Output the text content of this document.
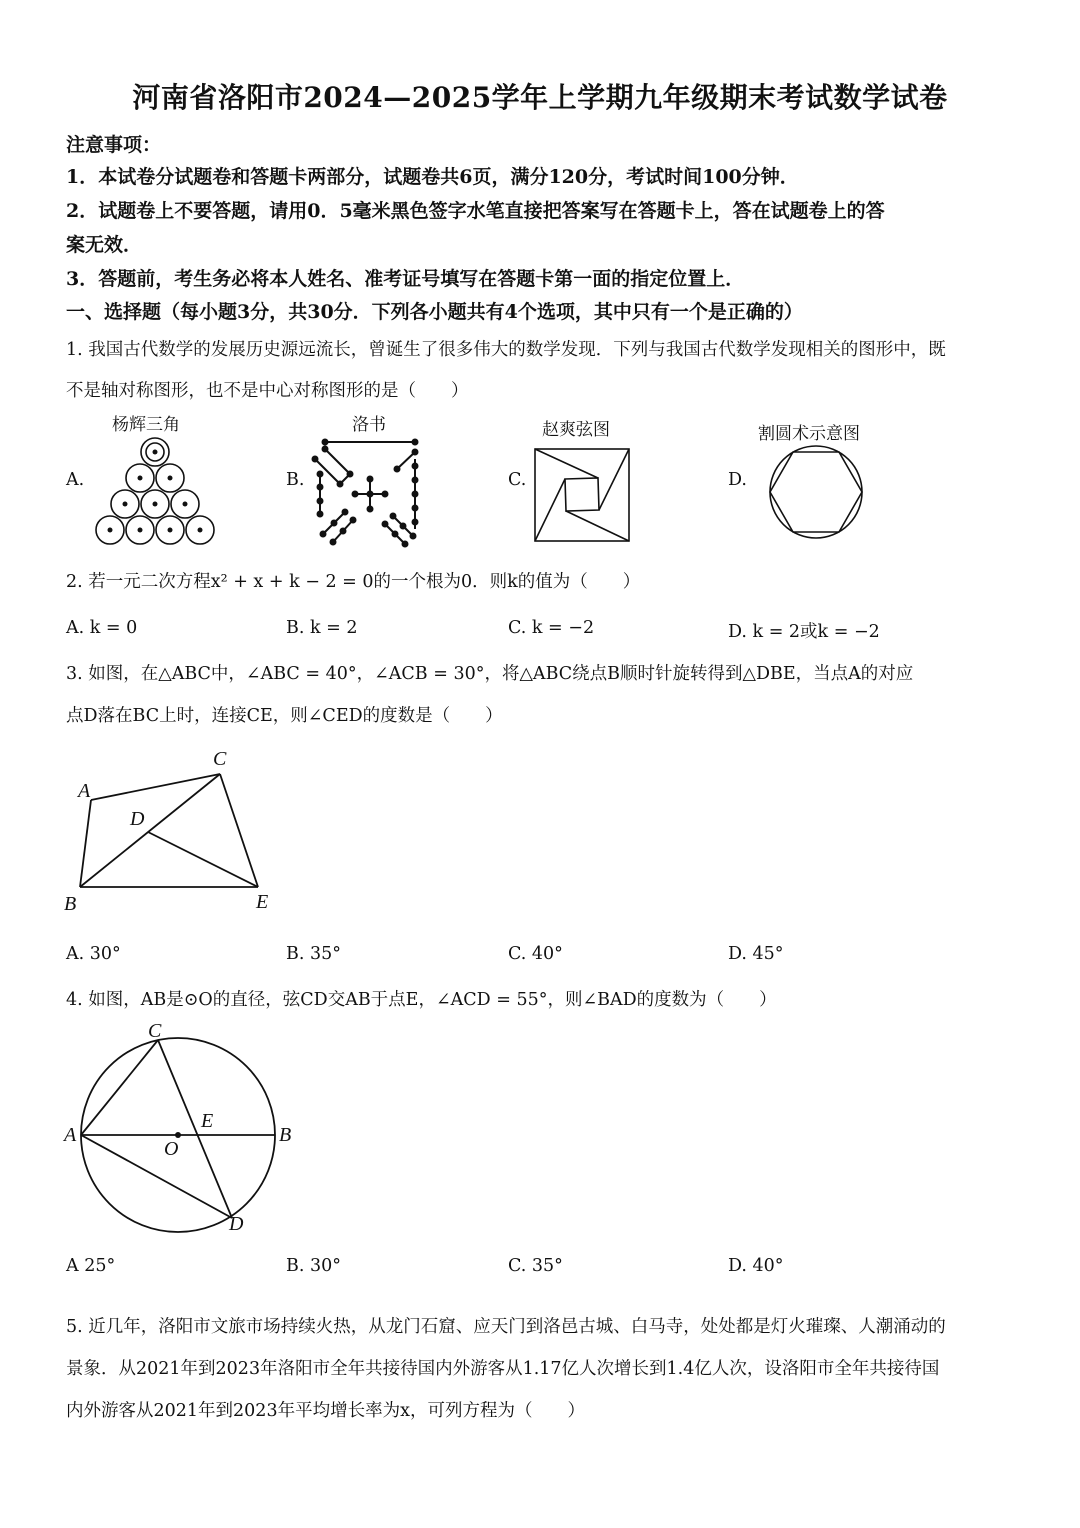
河南省洛阳市2024—2025学年上学期九年级期末考试数学试卷
注意事项：
1．本试卷分试题卷和答题卡两部分，试题卷共6页，满分120分，考试时间100分钟．
2．试题卷上不要答题，请用0．5毫米黑色签字水笔直接把答案写在答题卡上，答在试题卷上的答
案无效．
3．答题前，考生务必将本人姓名、准考证号填写在答题卡第一面的指定位置上．
一、选择题（每小题3分，共30分．下列各小题共有4个选项，其中只有一个是正确的）
1. 我国古代数学的发展历史源远流长，曾诞生了很多伟大的数学发现．下列与我国古代数学发现相关的图形中，既
不是轴对称图形，也不是中心对称图形的是（　　）
杨辉三角	洛书	赵爽弦图	割圆术示意图
A.	B.	C.	D.
2. 若一元二次方程x² + x + k − 2 = 0的一个根为0．则k的值为（　　）
A. k = 0	B. k = 2	C. k = −2	D. k = 2或k = −2
3. 如图，在△ABC中，∠ABC = 40°，∠ACB = 30°，将△ABC绕点B顺时针旋转得到△DBE，当点A的对应
点D落在BC上时，连接CE，则∠CED的度数是（　　）
C
A
D
B	E
A. 30°	B. 35°	C. 40°	D. 45°
4. 如图，AB是⊙O的直径，弦CD交AB于点E，∠ACD = 55°，则∠BAD的度数为（　　）
C
A
E
O
B
D
A 25°	B. 30°	C. 35°	D. 40°
5. 近几年，洛阳市文旅市场持续火热，从龙门石窟、应天门到洛邑古城、白马寺，处处都是灯火璀璨、人潮涌动的
景象．从2021年到2023年洛阳市全年共接待国内外游客从1.17亿人次增长到1.4亿人次，设洛阳市全年共接待国
内外游客从2021年到2023年平均增长率为x，可列方程为（　　）
